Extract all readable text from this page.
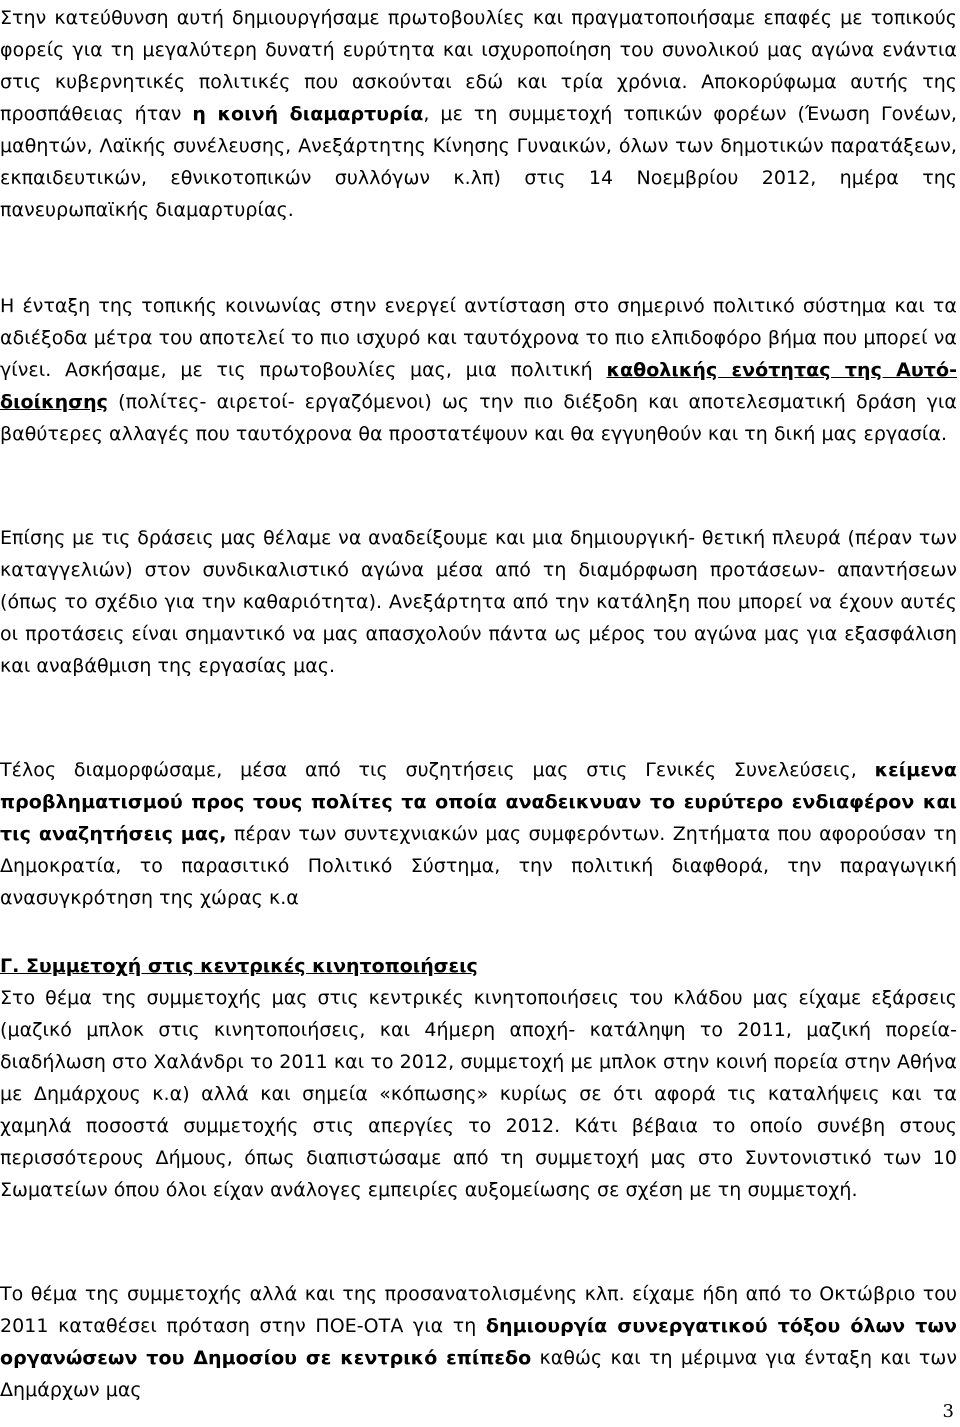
Στην κατεύθυνση αυτή δημιουργήσαμε πρωτοβουλίες και πραγματοποιήσαμε επαφές με τοπικούς φορείς για τη μεγαλύτερη δυνατή ευρύτητα και ισχυροποίηση του συνολικού μας αγώνα ενάντια στις κυβερνητικές πολιτικές που ασκούνται εδώ και τρία χρόνια. Αποκορύφωμα αυτής της προσπάθειας ήταν η κοινή διαμαρτυρία, με τη συμμετοχή τοπικών φορέων (Ένωση Γονέων, μαθητών, Λαϊκής συνέλευσης, Ανεξάρτητης Κίνησης Γυναικών, όλων των δημοτικών παρατάξεων, εκπαιδευτικών, εθνικοτοπικών συλλόγων κ.λπ) στις 14 Νοεμβρίου 2012, ημέρα της πανευρωπαϊκής διαμαρτυρίας.

Η ένταξη της τοπικής κοινωνίας στην ενεργεί αντίσταση στο σημερινό πολιτικό σύστημα και τα αδιέξοδα μέτρα του αποτελεί το πιο ισχυρό και ταυτόχρονα το πιο ελπιδοφόρο βήμα που μπορεί να γίνει. Ασκήσαμε, με τις πρωτοβουλίες μας, μια πολιτική καθολικής ενότητας της Αυτό- διοίκησης (πολίτες- αιρετοί- εργαζόμενοι) ως την πιο διέξοδη και αποτελεσματική δράση για βαθύτερες αλλαγές που ταυτόχρονα θα προστατέψουν και θα εγγυηθούν και τη δική μας εργασία.

Επίσης με τις δράσεις μας θέλαμε να αναδείξουμε και μια δημιουργική- θετική πλευρά (πέραν των καταγγελιών) στον συνδικαλιστικό αγώνα μέσα από τη διαμόρφωση προτάσεων- απαντήσεων (όπως το σχέδιο για την καθαριότητα). Ανεξάρτητα από την κατάληξη που μπορεί να έχουν αυτές οι προτάσεις είναι σημαντικό να μας απασχολούν πάντα ως μέρος του αγώνα μας για εξασφάλιση και αναβάθμιση της εργασίας μας.

Τέλος διαμορφώσαμε, μέσα από τις συζητήσεις μας στις Γενικές Συνελεύσεις, κείμενα προβληματισμού προς τους πολίτες τα οποία αναδεικνυαν το ευρύτερο ενδιαφέρον και τις αναζητήσεις μας, πέραν των συντεχνιακών μας συμφερόντων. Ζητήματα που αφορούσαν τη Δημοκρατία, το παρασιτικό Πολιτικό Σύστημα, την πολιτική διαφθορά, την παραγωγική ανασυγκρότηση της χώρας κ.α

Γ. Συμμετοχή στις κεντρικές κινητοποιήσεις

Στο θέμα της συμμετοχής μας στις κεντρικές κινητοποιήσεις του κλάδου μας είχαμε εξάρσεις (μαζικό μπλοκ στις κινητοποιήσεις, και 4ήμερη αποχή- κατάληψη το 2011, μαζική πορεία- διαδήλωση στο Χαλάνδρι το 2011 και το 2012, συμμετοχή με μπλοκ στην κοινή πορεία στην Αθήνα με Δημάρχους κ.α) αλλά και σημεία «κόπωσης» κυρίως σε ότι αφορά τις καταλήψεις και τα χαμηλά ποσοστά συμμετοχής στις απεργίες το 2012. Κάτι βέβαια το οποίο συνέβη στους περισσότερους Δήμους, όπως διαπιστώσαμε από τη συμμετοχή μας στο Συντονιστικό των 10 Σωματείων όπου όλοι είχαν ανάλογες εμπειρίες αυξομείωσης σε σχέση με τη συμμετοχή.

Το θέμα της συμμετοχής αλλά και της προσανατολισμένης κλπ. είχαμε ήδη από το Οκτώβριο του 2011 καταθέσει πρόταση στην ΠΟΕ-ΟΤΑ για τη δημιουργία συνεργατικού τόξου όλων των οργανώσεων του Δημοσίου σε κεντρικό επίπεδο καθώς και τη μέριμνα για ένταξη και των Δημάρχων μας

3
